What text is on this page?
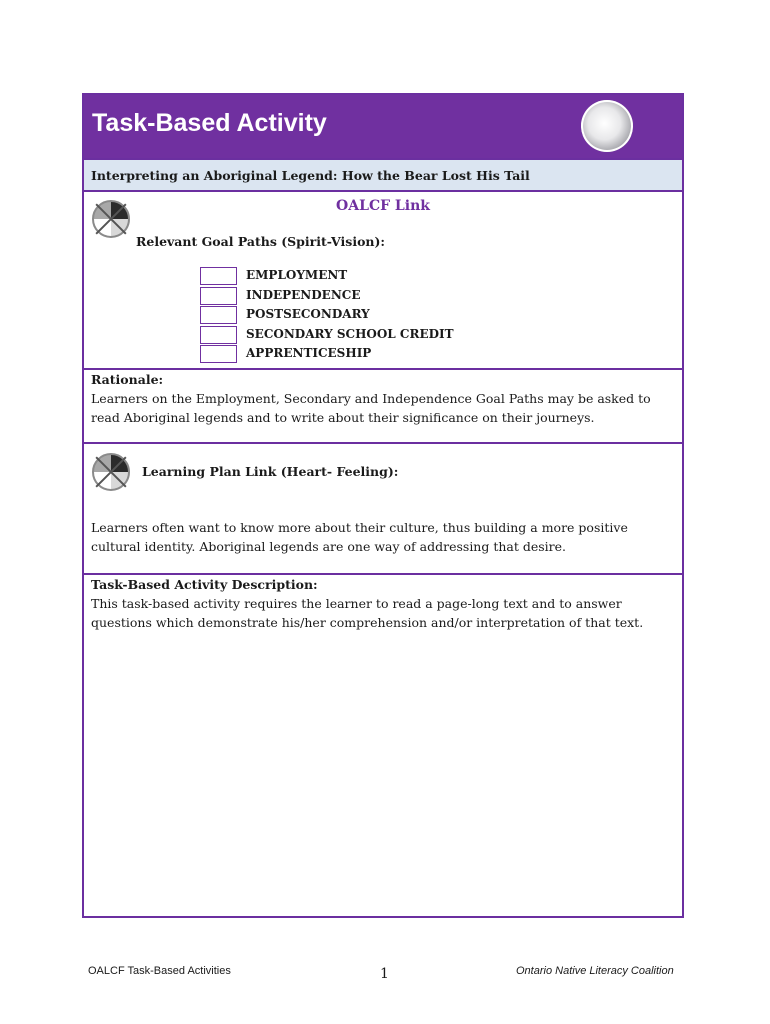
Task-Based Activity
Interpreting an Aboriginal Legend: How the Bear Lost His Tail
OALCF Link
Relevant Goal Paths (Spirit-Vision):
EMPLOYMENT
INDEPENDENCE
POSTSECONDARY
SECONDARY SCHOOL CREDIT
APPRENTICESHIP
Rationale:
Learners on the Employment, Secondary and Independence Goal Paths may be asked to read Aboriginal legends and to write about their significance on their journeys.
Learning Plan Link (Heart- Feeling):
Learners often want to know more about their culture, thus building a more positive cultural identity. Aboriginal legends are one way of addressing that desire.
Task-Based Activity Description:
This task-based activity requires the learner to read a page-long text and to answer questions which demonstrate his/her comprehension and/or interpretation of that text.
OALCF Task-Based Activities	1	Ontario Native Literacy Coalition
